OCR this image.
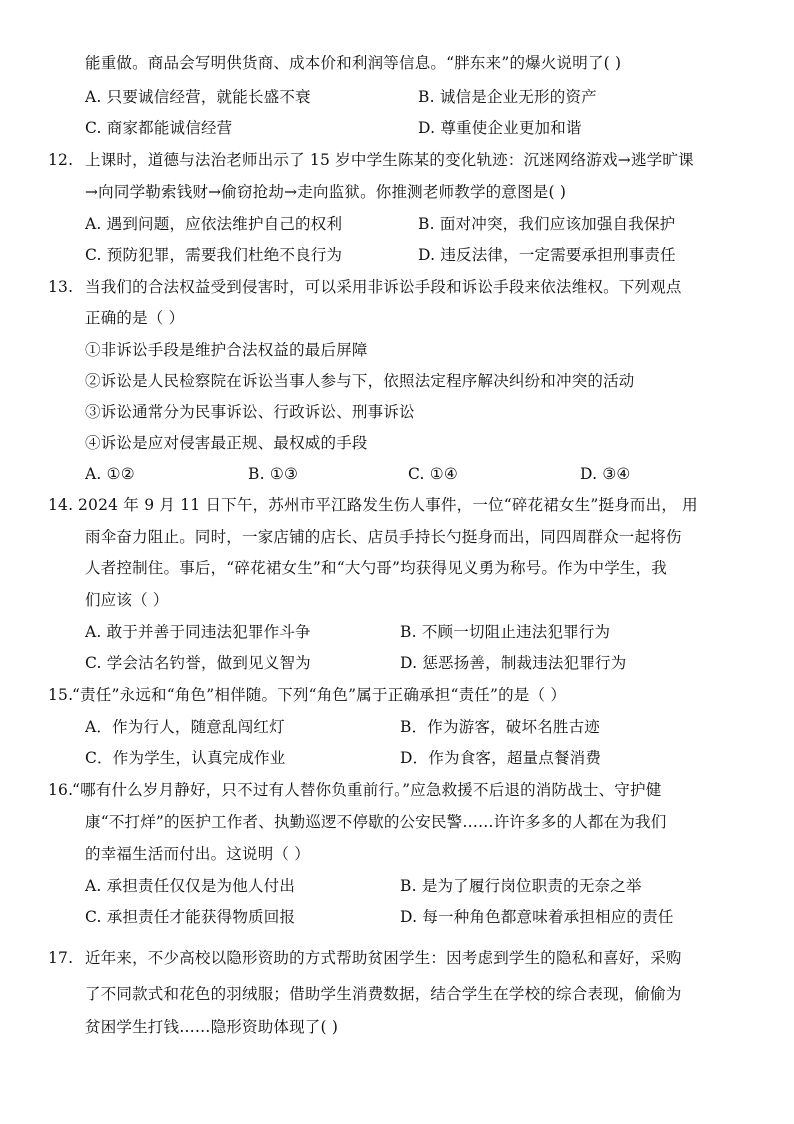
能重做。商品会写明供货商、成本价和利润等信息。“胖东来”的爆火说明了( )
A. 只要诚信经营，就能长盛不衰	B. 诚信是企业无形的资产
C. 商家都能诚信经营	D. 尊重使企业更加和谐
12. 上课时，道德与法治老师出示了 15 岁中学生陈某的变化轨迹：沉迷网络游戏→逃学旷课
→向同学勒索钱财→偷窃抢劫→走向监狱。你推测老师教学的意图是( )
A. 遇到问题，应依法维护自己的权利	B. 面对冲突，我们应该加强自我保护
C. 预防犯罪，需要我们杜绝不良行为	D. 违反法律，一定需要承担刑事责任
13. 当我们的合法权益受到侵害时，可以采用非诉讼手段和诉讼手段来依法维权。下列观点
正确的是（ ）
①非诉讼手段是维护合法权益的最后屏障
②诉讼是人民检察院在诉讼当事人参与下，依照法定程序解决纠纷和冲突的活动
③诉讼通常分为民事诉讼、行政诉讼、刑事诉讼
④诉讼是应对侵害最正规、最权威的手段
A. ①②	B. ①③	C. ①④	D. ③④
14. 2024 年 9 月 11 日下午，苏州市平江路发生伤人事件，一位“碎花裙女生”挺身而出， 用
雨伞奋力阻止。同时，一家店铺的店长、店员手持长勺挺身而出，同四周群众一起将伤
人者控制住。事后，“碎花裙女生”和“大勺哥”均获得见义勇为称号。作为中学生，我
们应该（ ）
A. 敢于并善于同违法犯罪作斗争	B. 不顾一切阻止违法犯罪行为
C. 学会沽名钓誉，做到见义智为	D. 惩恶扬善，制裁违法犯罪行为
15.
“责任”永远和“角色”相伴随。下列“角色”属于正确承担“责任”的是（ ）
A．作为行人，随意乱闯红灯	B．作为游客，破坏名胜古迹
C．作为学生，认真完成作业	D．作为食客，超量点餐消费
16.
“哪有什么岁月静好，只不过有人替你负重前行。”应急救援不后退的消防战士、守护健
康“不打烊”的医护工作者、执勤巡逻不停歇的公安民警……许许多多的人都在为我们
的幸福生活而付出。这说明（ ）
A. 承担责任仅仅是为他人付出	B. 是为了履行岗位职责的无奈之举
C. 承担责任才能获得物质回报	D. 每一种角色都意味着承担相应的责任
17. 近年来，不少高校以隐形资助的方式帮助贫困学生：因考虑到学生的隐私和喜好，采购
了不同款式和花色的羽绒服；借助学生消费数据，结合学生在学校的综合表现，偷偷为
贫困学生打钱……隐形资助体现了( )
